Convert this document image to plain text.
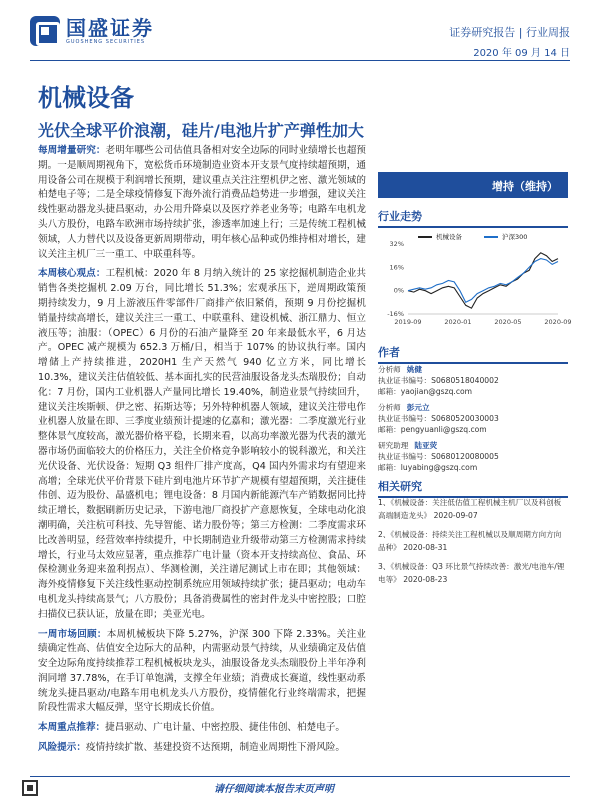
国盛证券
GUOSHENG SECURITIES
证券研究报告 | 行业周报
2020 年 09 月 14 日
机械设备
光伏全球平价浪潮，硅片/电池片扩产弹性加大

每周增量研究：老明年哪些公司估值具备相对安全边际的同时业绩增长也超预期。一是顺周期视角下，宽松货币环境制造业资本开支景气度持续超预期，通用设备公司在规模于利润增长预期，建议重点关注注塑机伊之密、激光领域的柏楚电子等；二是全球疫情修复下海外流行消费品趋势进一步增强，建议关注线性驱动器龙头捷昌驱动，办公用升降桌以及医疗养老业务等；电路车电机龙头八方股份，电路车欧洲市场持续扩张，渗透率加速上行；三是传统工程机械领域，人力替代以及设备更新周期带动，明年核心品种或仍维持相对增长，建议关注主机厂三一重工、中联重科等。

本周核心观点：工程机械：2020 年 8 月纳入统计的 25 家挖掘机制造企业共销售各类挖掘机 2.09 万台，同比增长 51.3%；宏观承压下，逆周期政策预期持续发力，9 月上游液压件零部件厂商排产依旧紧俏，预期 9 月份挖掘机销量持续高增长，建议关注三一重工、中联重科、建设机械、浙江鼎力、恒立液压等；油服：（OPEC）6 月份的石油产量降至 20 年来最低水平，6 月达产。OPEC 减产规模为 652.3 万桶/日，相当于 107% 的协议执行率。国内增储上产持续推进，2020H1 生产天然气 940 亿立方米，同比增长 10.3%，建议关注估值较低、基本面扎实的民营油服设备龙头杰瑞股份；自动化：7 月份，国内工业机器人产量同比增长 19.40%，制造业景气持续回升，建议关注埃斯顿、伊之密、拓斯达等；另外特种机器人领域，建议关注带电作业机器人放量在即、三季度业绩预计提速的亿嘉和；激光器：二季度激光行业整体景气度较高，激光器价格平稳，长期来看，以高功率激光器为代表的激光器市场仍面临较大的价格压力，关注全价格竞争影响较小的锐科激光，和关注光伏设备、光伏设备：短期 Q3 组件厂排产度高，Q4 国内外需求均有望迎来高增；全球光伏平价背景下硅片到电池片环节扩产规模有望超预期，关注捷佳伟创、迈为股份、晶盛机电；锂电设备：8 月国内新能源汽车产销数据同比持续正增长，数据刷新历史记录，下游电池厂商投扩产意愿恢复，全球电动化浪潮明确，关注杭可科技、先导智能、诺力股份等；第三方检测：二季度需求环比改善明显，经营效率持续提升，中长期制造业升级带动第三方检测需求持续增长，行业马太效应显著，重点推荐广电计量（资本开支持续高位、食品、环保检测业务迎来盈利拐点）、华测检测，关注谱尼测试上市在即；其他领域：海外疫情修复下关注线性驱动控制系统应用领域持续扩张；捷昌驱动；电动车电机龙头持续高景气；八方股份；具备消费属性的密封件龙头中密控股；口腔扫描仪已获认证，放量在即；美亚光电。

一周市场回顾：本周机械板块下降 5.27%，沪深 300 下降 2.33%。关注业绩确定性高、估值安全边际大的品种，内需驱动景气持续，从业绩确定及估值安全边际角度持续推荐工程机械板块龙头，油服设备龙头杰瑞股份上半年净利润同增 37.78%，在手订单饱满，支撑全年业绩；消费成长赛道，线性驱动系统龙头捷昌驱动/电路车用电机龙头八方股份，疫情催化行业终端需求，把握阶段性需求大幅反弹，坚守长期成长价值。

本周重点推荐：捷昌驱动、广电计量、中密控股、捷佳伟创、柏楚电子。

风险提示：疫情持续扩散、基建投资不达预期，制造业周期性下滑风险。

增持（维持）
行业走势
机械设备	沪深300
-16%
0%
16%
32%
2019-09	2020-01	2020-05	2020-09
作者
分析师 姚健
执业证书编号：S0680518040002
邮箱：yaojian@gszq.com
分析师 彭元立
执业证书编号：S0680520030003
邮箱：pengyuanli@gszq.com
研究助理 陆亚荧
执业证书编号：S0680120080005
邮箱：luyabing@gszq.com
相关研究
1、《机械设备：关注低估值工程机械主机厂以及科创板高端制造龙头》 2020-09-07
2、《机械设备：持续关注工程机械以及顺周期方向方向品种》 2020-08-31
3、《机械设备：Q3 环比景气持续改善：激光/电池车/锂电等》 2020-08-23
请仔细阅读本报告末页声明
